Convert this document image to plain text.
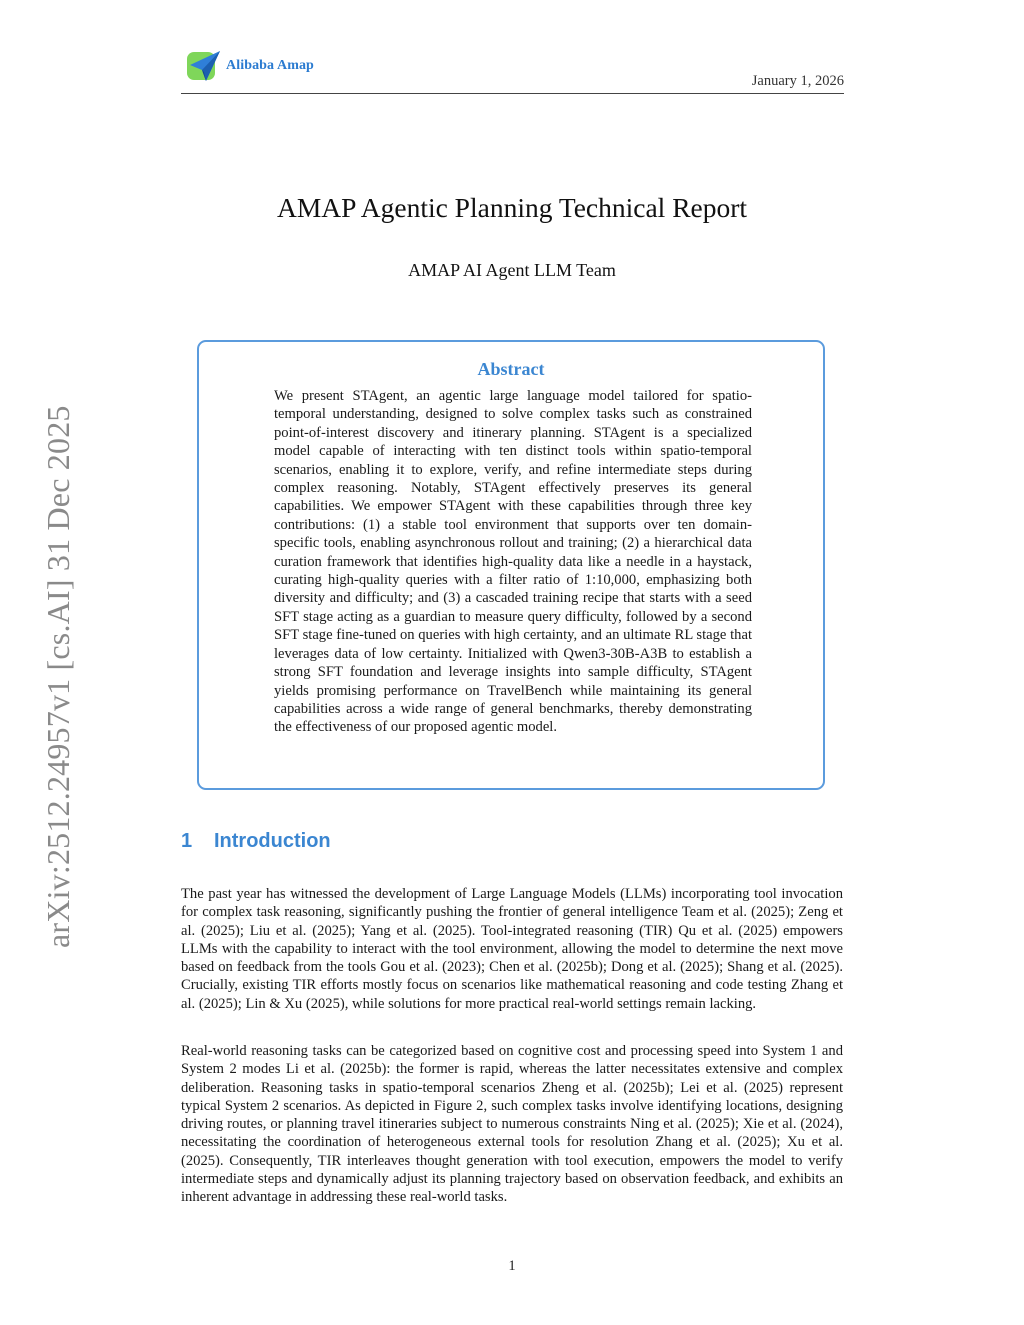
Alibaba Amap
January 1, 2026
arXiv:2512.24957v1 [cs.AI] 31 Dec 2025
AMAP Agentic Planning Technical Report
AMAP AI Agent LLM Team
Abstract
We present STAgent, an agentic large language model tailored for spatio-temporal understanding, designed to solve complex tasks such as constrained point-of-interest discovery and itinerary planning. STAgent is a specialized model capable of interacting with ten distinct tools within spatio-temporal scenarios, enabling it to explore, verify, and refine intermediate steps during complex reasoning. Notably, STAgent effectively preserves its general capabilities. We empower STAgent with these capabilities through three key contributions: (1) a stable tool environment that supports over ten domain-specific tools, enabling asynchronous rollout and training; (2) a hierarchical data curation framework that identifies high-quality data like a needle in a haystack, curating high-quality queries with a filter ratio of 1:10,000, emphasizing both diversity and difficulty; and (3) a cascaded training recipe that starts with a seed SFT stage acting as a guardian to measure query difficulty, followed by a second SFT stage fine-tuned on queries with high certainty, and an ultimate RL stage that leverages data of low certainty. Initialized with Qwen3-30B-A3B to establish a strong SFT foundation and leverage insights into sample difficulty, STAgent yields promising performance on TravelBench while maintaining its general capabilities across a wide range of general benchmarks, thereby demonstrating the effectiveness of our proposed agentic model.
1	Introduction

The past year has witnessed the development of Large Language Models (LLMs) incorporating tool invocation for complex task reasoning, significantly pushing the frontier of general intelligence Team et al. (2025); Zeng et al. (2025); Liu et al. (2025); Yang et al. (2025). Tool-integrated reasoning (TIR) Qu et al. (2025) empowers LLMs with the capability to interact with the tool environment, allowing the model to determine the next move based on feedback from the tools Gou et al. (2023); Chen et al. (2025b); Dong et al. (2025); Shang et al. (2025). Crucially, existing TIR efforts mostly focus on scenarios like mathematical reasoning and code testing Zhang et al. (2025); Lin & Xu (2025), while solutions for more practical real-world settings remain lacking.

Real-world reasoning tasks can be categorized based on cognitive cost and processing speed into System 1 and System 2 modes Li et al. (2025b): the former is rapid, whereas the latter necessitates extensive and complex deliberation. Reasoning tasks in spatio-temporal scenarios Zheng et al. (2025b); Lei et al. (2025) represent typical System 2 scenarios. As depicted in Figure 2, such complex tasks involve identifying locations, designing driving routes, or planning travel itineraries subject to numerous constraints Ning et al. (2025); Xie et al. (2024), necessitating the coordination of heterogeneous external tools for resolution Zhang et al. (2025); Xu et al. (2025). Consequently, TIR interleaves thought generation with tool execution, empowers the model to verify intermediate steps and dynamically adjust its planning trajectory based on observation feedback, and exhibits an inherent advantage in addressing these real-world tasks.

1
